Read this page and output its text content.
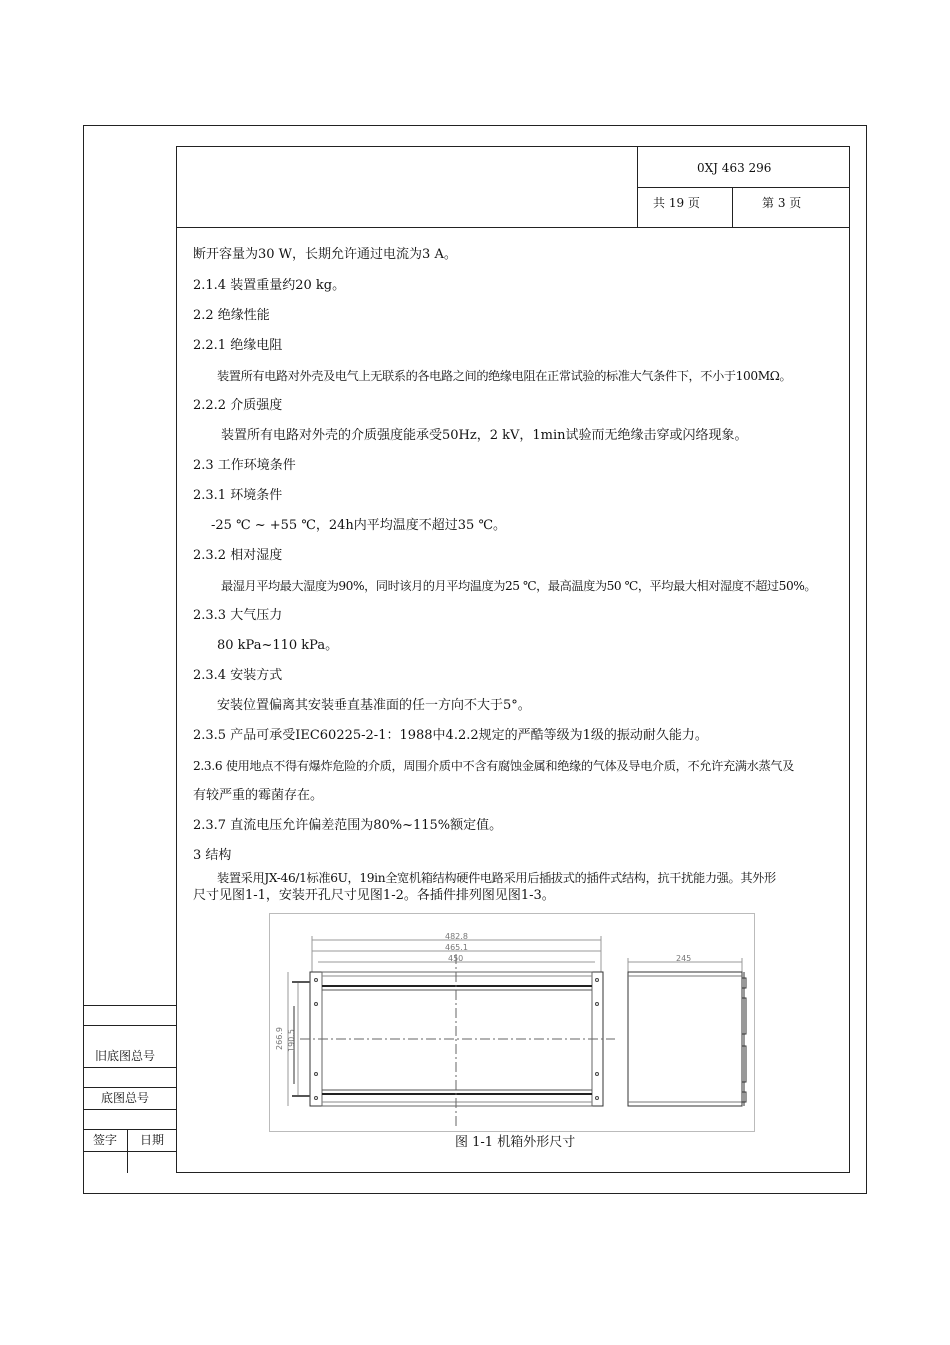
0XJ 463 296
共 19 页	第 3 页
旧底图总号
底图总号
签字 日期
断开容量为30 W，长期允许通过电流为3 A。
2.1.4 装置重量约20 kg。
2.2 绝缘性能
2.2.1 绝缘电阻
装置所有电路对外壳及电气上无联系的各电路之间的绝缘电阻在正常试验的标准大气条件下，不小于100MΩ。
2.2.2 介质强度
装置所有电路对外壳的介质强度能承受50Hz，2 kV，1min试验而无绝缘击穿或闪络现象。
2.3 工作环境条件
2.3.1 环境条件
-25 ℃ ~ +55 ℃，24h内平均温度不超过35 ℃。
2.3.2 相对湿度
最湿月平均最大湿度为90%，同时该月的月平均温度为25 ℃，最高温度为50 ℃，平均最大相对湿度不超过50%。
2.3.3 大气压力
80 kPa~110 kPa。
2.3.4 安装方式
安装位置偏离其安装垂直基准面的任一方向不大于5°。
2.3.5 产品可承受IEC60225-2-1：1988中4.2.2规定的严酷等级为1级的振动耐久能力。
2.3.6 使用地点不得有爆炸危险的介质，周围介质中不含有腐蚀金属和绝缘的气体及导电介质，不允许充满水蒸气及
有较严重的霉菌存在。
2.3.7 直流电压允许偏差范围为80%~115%额定值。
3 结构
装置采用JX-46/1标准6U，19in全宽机箱结构硬件电路采用后插拔式的插件式结构，抗干扰能力强。其外形
尺寸见图1-1，安装开孔尺寸见图1-2。各插件排列图见图1-3。
482.8
465.1
450	245
266.9 190.5
图 1-1 机箱外形尺寸
